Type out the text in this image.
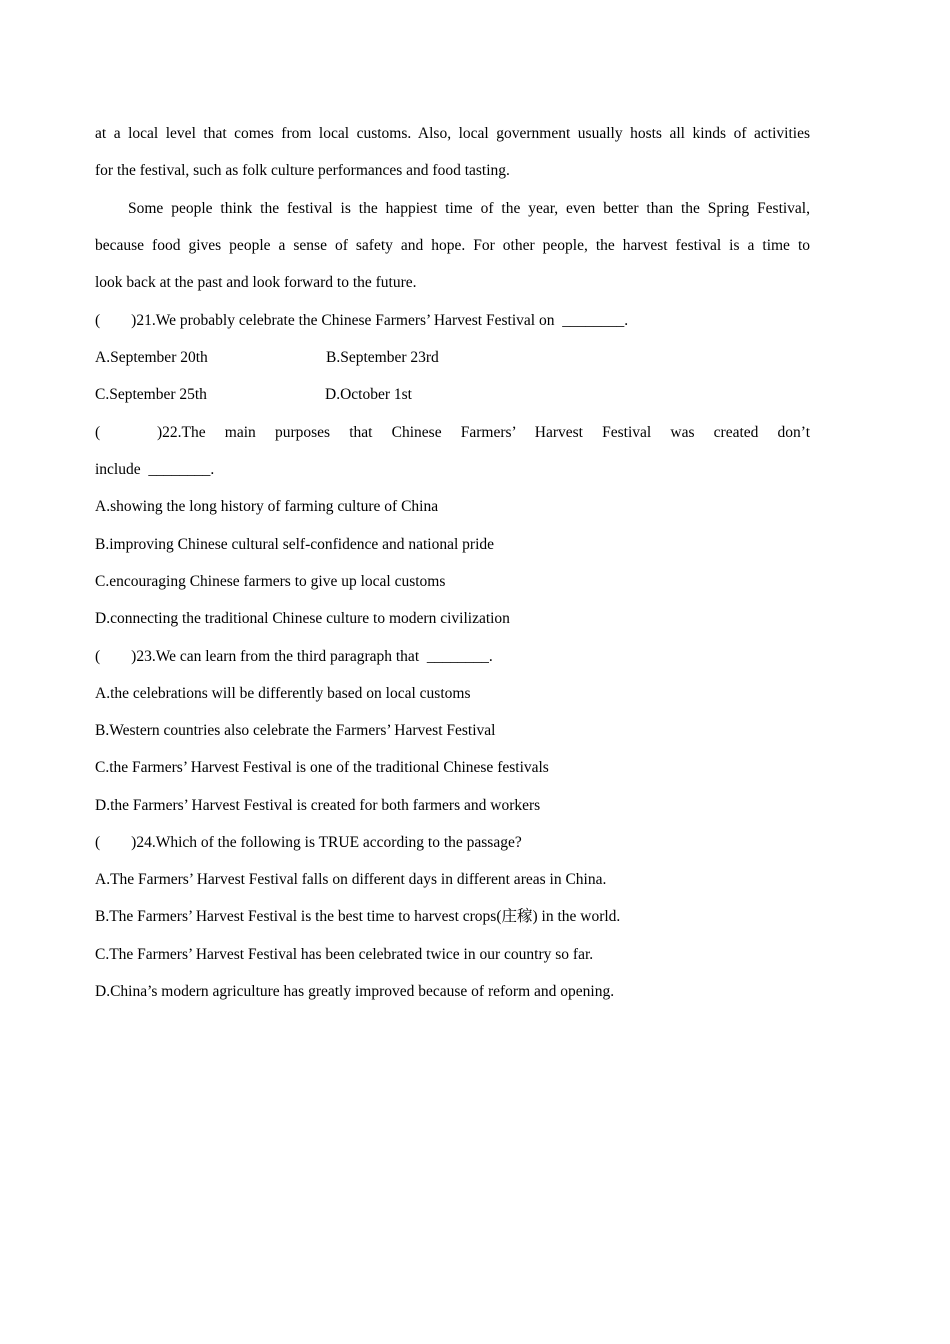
at a local level that comes from local customs. Also, local government usually hosts all kinds of activities
for the festival, such as folk culture performances and food tasting.
Some people think the festival is the happiest time of the year, even better than the Spring Festival,
because food gives people a sense of safety and hope. For other people, the harvest festival is a time to
look back at the past and look forward to the future.
(        )21.We probably celebrate the Chinese Farmers’ Harvest Festival on  ________.
A.September 20th	B.September 23rd
C.September 25th	D.October 1st
(	)22.The main purposes that Chinese Farmers’ Harvest Festival was created don’t
include  ________.
A.showing the long history of farming culture of China
B.improving Chinese cultural self-confidence and national pride
C.encouraging Chinese farmers to give up local customs
D.connecting the traditional Chinese culture to modern civilization
(        )23.We can learn from the third paragraph that  ________.
A.the celebrations will be differently based on local customs
B.Western countries also celebrate the Farmers’ Harvest Festival
C.the Farmers’ Harvest Festival is one of the traditional Chinese festivals
D.the Farmers’ Harvest Festival is created for both farmers and workers
(        )24.Which of the following is TRUE according to the passage?
A.The Farmers’ Harvest Festival falls on different days in different areas in China.
B.The Farmers’ Harvest Festival is the best time to harvest crops(庄稼) in the world.
C.The Farmers’ Harvest Festival has been celebrated twice in our country so far.
D.China’s modern agriculture has greatly improved because of reform and opening.
